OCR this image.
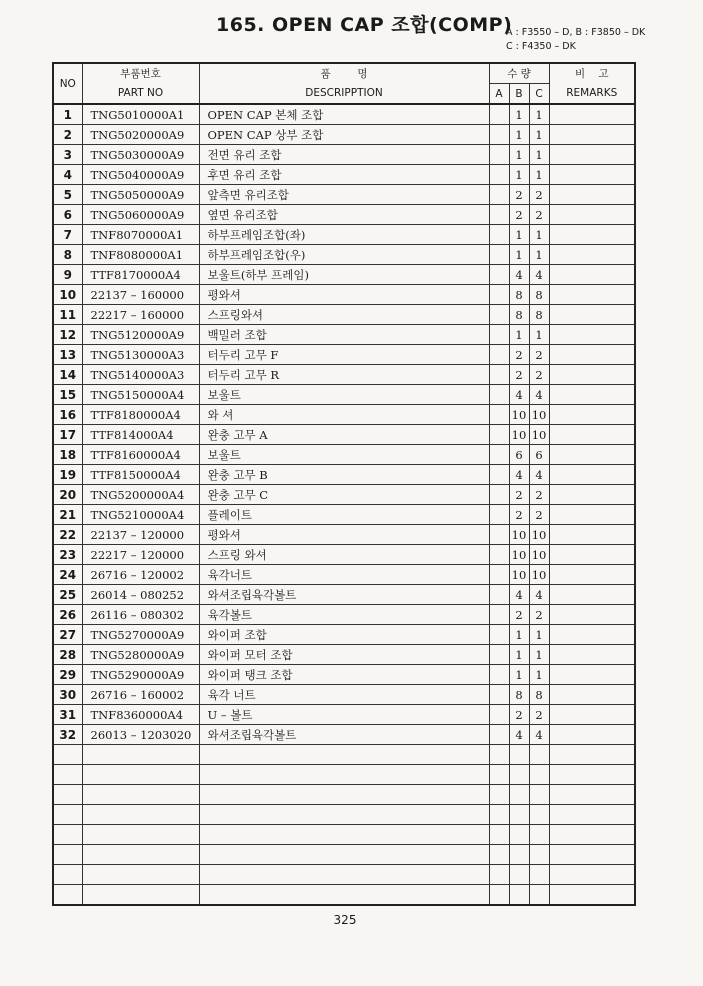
165. OPEN CAP 조합(COMP)
A : F3550 – D, B : F3850 – DK
C : F4350 – DK
NO	부품번호	품        명	수 량			비    고
	PART NO	DESCRIPPTION	A	B	C	REMARKS
1	TNG5010000A1	OPEN CAP 본체 조합		1	1	
2	TNG5020000A9	OPEN CAP 상부 조합		1	1	
3	TNG5030000A9	전면 유리 조합		1	1	
4	TNG5040000A9	후면 유리 조합		1	1	
5	TNG5050000A9	앞측면 유리조합		2	2	
6	TNG5060000A9	옆면 유리조합		2	2	
7	TNF8070000A1	하부프레임조합(좌)		1	1	
8	TNF8080000A1	하부프레임조합(우)		1	1	
9	TTF8170000A4	보울트(하부 프레임)		4	4	
10	22137 – 160000	평와셔		8	8	
11	22217 – 160000	스프링와셔		8	8	
12	TNG5120000A9	백밀러 조합		1	1	
13	TNG5130000A3	터두리 고무 F		2	2	
14	TNG5140000A3	터두리 고무 R		2	2	
15	TNG5150000A4	보울트		4	4	
16	TTF8180000A4	와 셔		10	10	
17	TTF814000A4	완충 고무 A		10	10	
18	TTF8160000A4	보울트		6	6	
19	TTF8150000A4	완충 고무 B		4	4	
20	TNG5200000A4	완충 고무 C		2	2	
21	TNG5210000A4	플레이트		2	2	
22	22137 – 120000	평와셔		10	10	
23	22217 – 120000	스프링 와셔		10	10	
24	26716 – 120002	육각너트		10	10	
25	26014 – 080252	와셔조립육각볼트		4	4	
26	26116 – 080302	육각볼트		2	2	
27	TNG5270000A9	와이퍼 조합		1	1	
28	TNG5280000A9	와이퍼 모터 조합		1	1	
29	TNG5290000A9	와이퍼 탱크 조합		1	1	
30	26716 – 160002	육각 너트		8	8	
31	TNF8360000A4	U – 볼트		2	2	
32	26013 – 1203020	와셔조립육각볼트		4	4	

325
